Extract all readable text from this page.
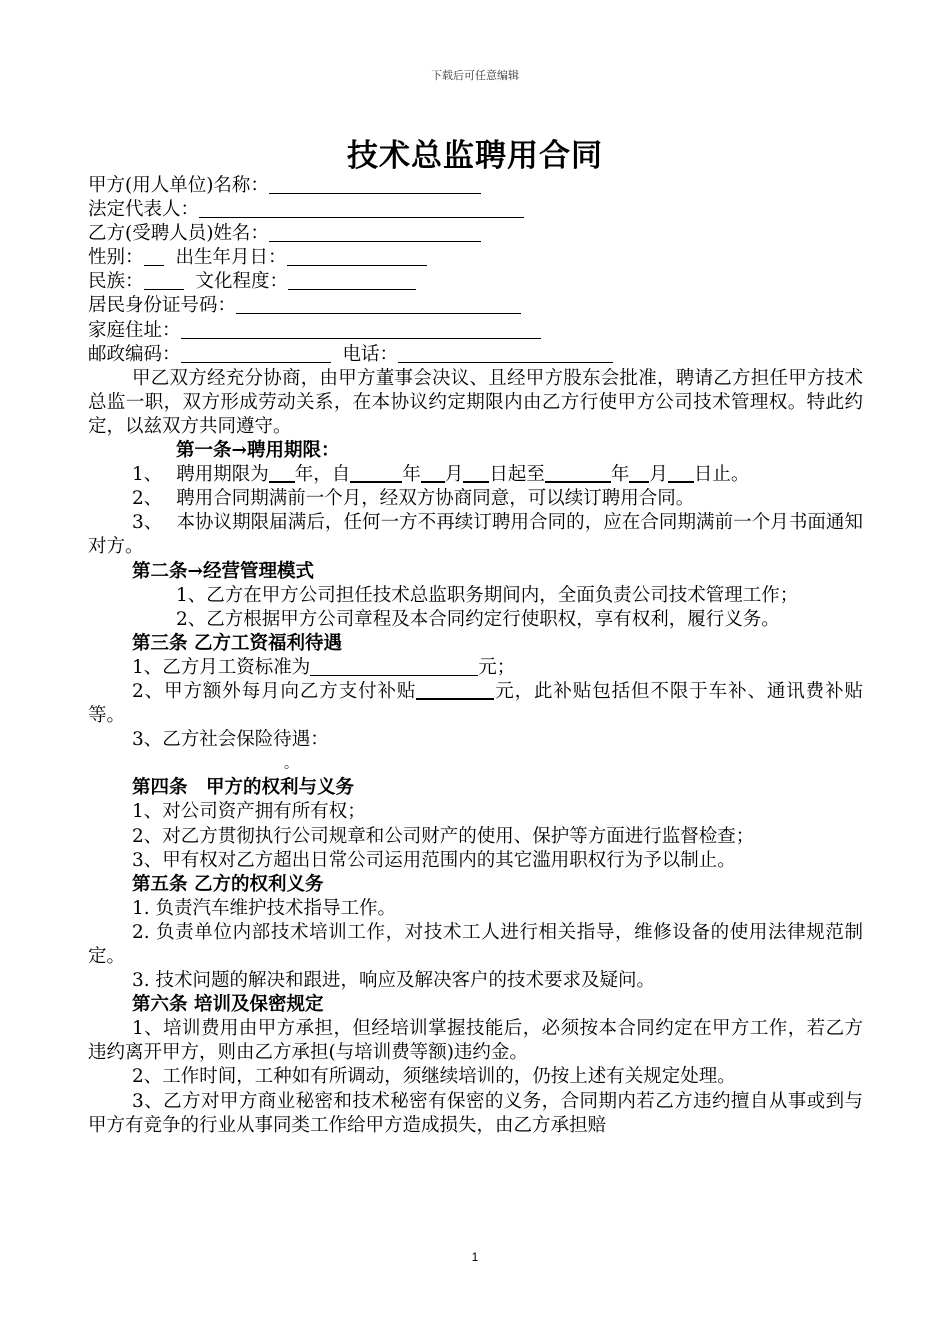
下载后可任意编辑
技术总监聘用合同
甲方(用人单位)名称：
法定代表人：
乙方(受聘人员)姓名：
性别： 出生年月日：
民族：	文化程度：
居民身份证号码：
家庭住址：
邮政编码：	电话：
甲乙双方经充分协商，由甲方董事会决议、且经甲方股东会批准，聘请乙方担任甲方技术总监一职，双方形成劳动关系，在本协议约定期限内由乙方行使甲方公司技术管理权。特此约定，以兹双方共同遵守。
第一条→聘用期限：
1、 聘用期限为 年，自	年 月 日起至	年 月 日止。
2、 聘用合同期满前一个月，经双方协商同意，可以续订聘用合同。
3、 本协议期限届满后，任何一方不再续订聘用合同的，应在合同期满前一个月书面通知对方。
第二条→经营管理模式
1、乙方在甲方公司担任技术总监职务期间内，全面负责公司技术管理工作；
2、乙方根据甲方公司章程及本合同约定行使职权，享有权利，履行义务。
第三条 乙方工资福利待遇
1、乙方月工资标准为	元；
2、甲方额外每月向乙方支付补贴	元，此补贴包括但不限于车补、通讯费补贴等。
3、乙方社会保险待遇：
。
第四条　甲方的权利与义务
1、对公司资产拥有所有权；
2、对乙方贯彻执行公司规章和公司财产的使用、保护等方面进行监督检查；
3、甲有权对乙方超出日常公司运用范围内的其它滥用职权行为予以制止。
第五条 乙方的权利义务
1. 负责汽车维护技术指导工作。
2. 负责单位内部技术培训工作，对技术工人进行相关指导，维修设备的使用法律规范制定。
3. 技术问题的解决和跟进，响应及解决客户的技术要求及疑问。
第六条 培训及保密规定
1、培训费用由甲方承担，但经培训掌握技能后，必须按本合同约定在甲方工作，若乙方违约离开甲方，则由乙方承担(与培训费等额)违约金。
2、工作时间，工种如有所调动，须继续培训的，仍按上述有关规定处理。
3、乙方对甲方商业秘密和技术秘密有保密的义务，合同期内若乙方违约擅自从事或到与甲方有竞争的行业从事同类工作给甲方造成损失，由乙方承担赔
1
